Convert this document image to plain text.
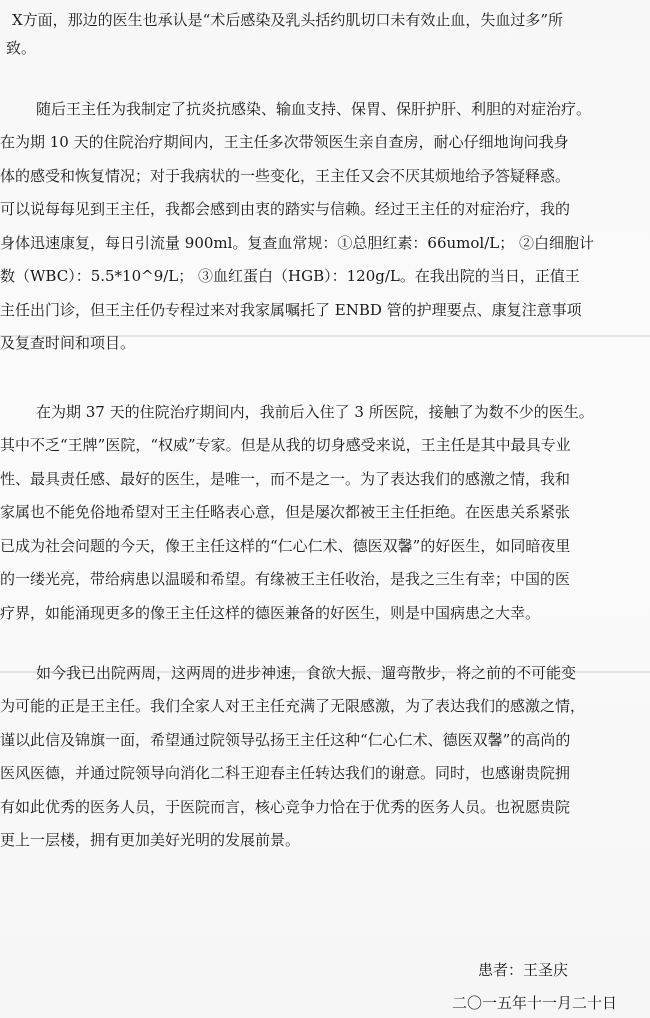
X方面，那边的医生也承认是“术后感染及乳头括约肌切口未有效止血，失血过多”所
致。
随后王主任为我制定了抗炎抗感染、输血支持、保胃、保肝护肝、利胆的对症治疗。
在为期 10 天的住院治疗期间内，王主任多次带领医生亲自查房，耐心仔细地询问我身
体的感受和恢复情况；对于我病状的一些变化，王主任又会不厌其烦地给予答疑释惑。
可以说每每见到王主任，我都会感到由衷的踏实与信赖。经过王主任的对症治疗，我的
身体迅速康复，每日引流量 900ml。复查血常规：①总胆红素：66umol/L； ②白细胞计
数（WBC）：5.5*10^9/L； ③血红蛋白（HGB）：120g/L。在我出院的当日，正值王
主任出门诊，但王主任仍专程过来对我家属嘱托了 ENBD 管的护理要点、康复注意事项
及复查时间和项目。
在为期 37 天的住院治疗期间内，我前后入住了 3 所医院，接触了为数不少的医生。
其中不乏“王牌”医院，“权威”专家。但是从我的切身感受来说，王主任是其中最具专业
性、最具责任感、最好的医生，是唯一，而不是之一。为了表达我们的感激之情，我和
家属也不能免俗地希望对王主任略表心意，但是屡次都被王主任拒绝。在医患关系紧张
已成为社会问题的今天，像王主任这样的“仁心仁术、德医双馨”的好医生，如同暗夜里
的一缕光亮，带给病患以温暖和希望。有缘被王主任收治，是我之三生有幸；中国的医
疗界，如能涌现更多的像王主任这样的德医兼备的好医生，则是中国病患之大幸。
如今我已出院两周，这两周的进步神速，食欲大振、遛弯散步，将之前的不可能变
为可能的正是王主任。我们全家人对王主任充满了无限感激，为了表达我们的感激之情，
谨以此信及锦旗一面，希望通过院领导弘扬王主任这种“仁心仁术、德医双馨”的高尚的
医风医德，并通过院领导向消化二科王迎春主任转达我们的谢意。同时，也感谢贵院拥
有如此优秀的医务人员，于医院而言，核心竞争力恰在于优秀的医务人员。也祝愿贵院
更上一层楼，拥有更加美好光明的发展前景。
患者：王圣庆
二〇一五年十一月二十日
